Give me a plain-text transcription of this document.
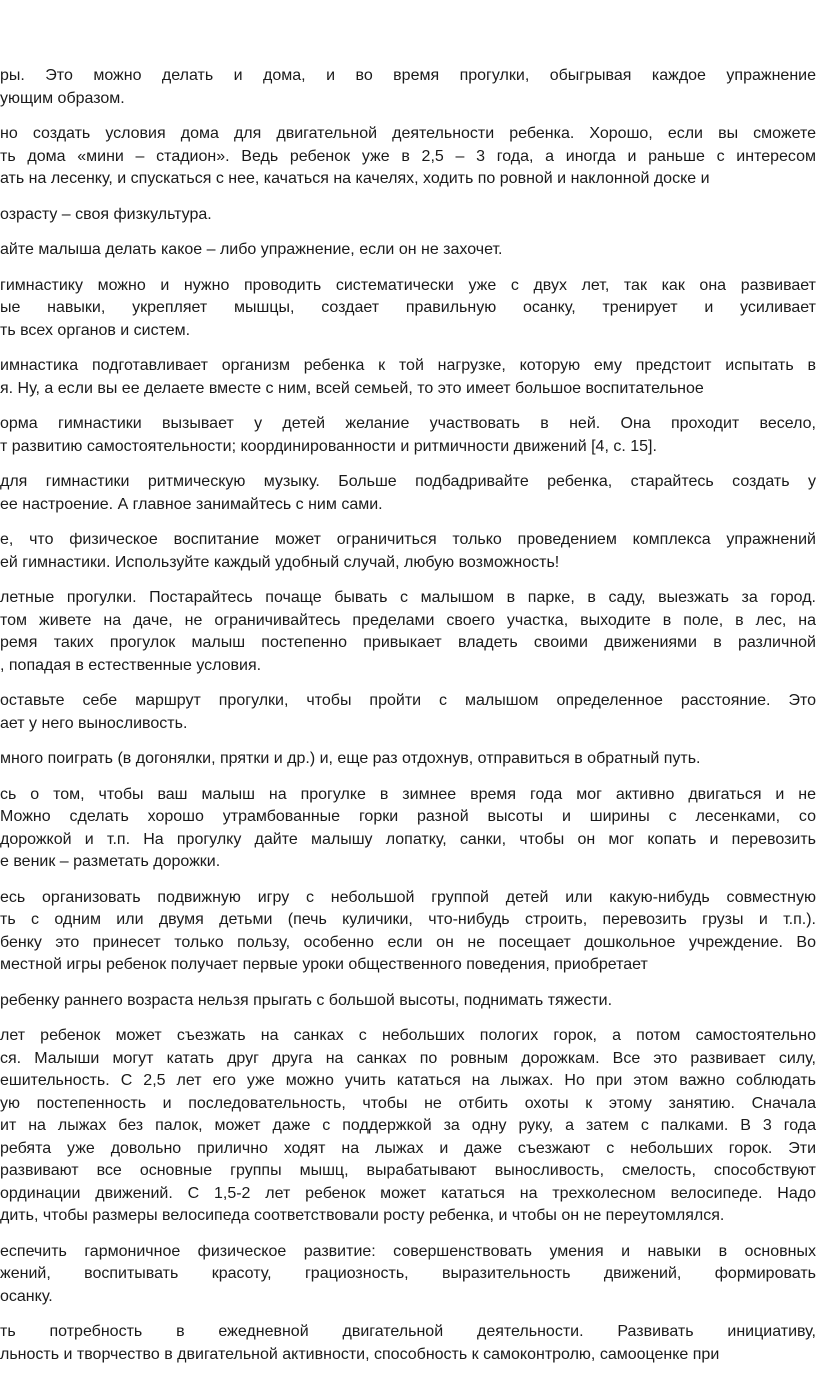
ры. Это можно делать и дома, и во время прогулки, обыгрывая каждое упражнение
ующим образом.
но создать условия дома для двигательной деятельности ребенка. Хорошо, если вы сможете
ть дома «мини – стадион». Ведь ребенок уже в 2,5 – 3 года, а иногда и раньше с интересом
ать на лесенку, и спускаться с нее, качаться на качелях, ходить по ровной и наклонной доске и
озрасту – своя физкультура.
айте малыша делать какое – либо упражнение, если он не захочет.
гимнастику можно и нужно проводить систематически уже с двух лет, так как она развивает
ые навыки, укрепляет мышцы, создает правильную осанку, тренирует и усиливает
ть всех органов и систем.
имнастика подготавливает организм ребенка к той нагрузке, которую ему предстоит испытать в
я. Ну, а если вы ее делаете вместе с ним, всей семьей, то это имеет большое воспитательное
орма гимнастики вызывает у детей желание участвовать в ней. Она проходит весело,
т развитию самостоятельности; координированности и ритмичности движений [4, с. 15].
для гимнастики ритмическую музыку. Больше подбадривайте ребенка, старайтесь создать у
ее настроение. А главное занимайтесь с ним сами.
е, что физическое воспитание может ограничиться только проведением комплекса упражнений
ей гимнастики. Используйте каждый удобный случай, любую возможность!
летные прогулки. Постарайтесь почаще бывать с малышом в парке, в саду, выезжать за город.
том живете на даче, не ограничивайтесь пределами своего участка, выходите в поле, в лес, на
ремя таких прогулок малыш постепенно привыкает владеть своими движениями в различной
, попадая в естественные условия.
оставьте себе маршрут прогулки, чтобы пройти с малышом определенное расстояние. Это
ает у него выносливость.
много поиграть (в догонялки, прятки и др.) и, еще раз отдохнув, отправиться в обратный путь.
сь о том, чтобы ваш малыш на прогулке в зимнее время года мог активно двигаться и не
Можно сделать хорошо утрамбованные горки разной высоты и ширины с лесенками, со
дорожкой и т.п. На прогулку дайте малышу лопатку, санки, чтобы он мог копать и перевозить
е веник – разметать дорожки.
есь организовать подвижную игру с небольшой группой детей или какую-нибудь совместную
ть с одним или двумя детьми (печь куличики, что-нибудь строить, перевозить грузы и т.п.).
бенку это принесет только пользу, особенно если он не посещает дошкольное учреждение. Во
местной игры ребенок получает первые уроки общественного поведения, приобретает
ребенку раннего возраста нельзя прыгать с большой высоты, поднимать тяжести.
лет ребенок может съезжать на санках с небольших пологих горок, а потом самостоятельно
ся. Малыши могут катать друг друга на санках по ровным дорожкам. Все это развивает силу,
ешительность. С 2,5 лет его уже можно учить кататься на лыжах. Но при этом важно соблюдать
ую постепенность и последовательность, чтобы не отбить охоты к этому занятию. Сначала
ит на лыжах без палок, может даже с поддержкой за одну руку, а затем с палками. В 3 года
ребята уже довольно прилично ходят на лыжах и даже съезжают с небольших горок. Эти
развивают все основные группы мышц, вырабатывают выносливость, смелость, способствуют
ординации движений. С 1,5-2 лет ребенок может кататься на трехколесном велосипеде. Надо
дить, чтобы размеры велосипеда соответствовали росту ребенка, и чтобы он не переутомлялся.
еспечить гармоничное физическое развитие: совершенствовать умения и навыки в основных
жений, воспитывать красоту, грациозность, выразительность движений, формировать
осанку.
ть потребность в ежедневной двигательной деятельности. Развивать инициативу,
льность и творчество в двигательной активности, способность к самоконтролю, самооценке при
